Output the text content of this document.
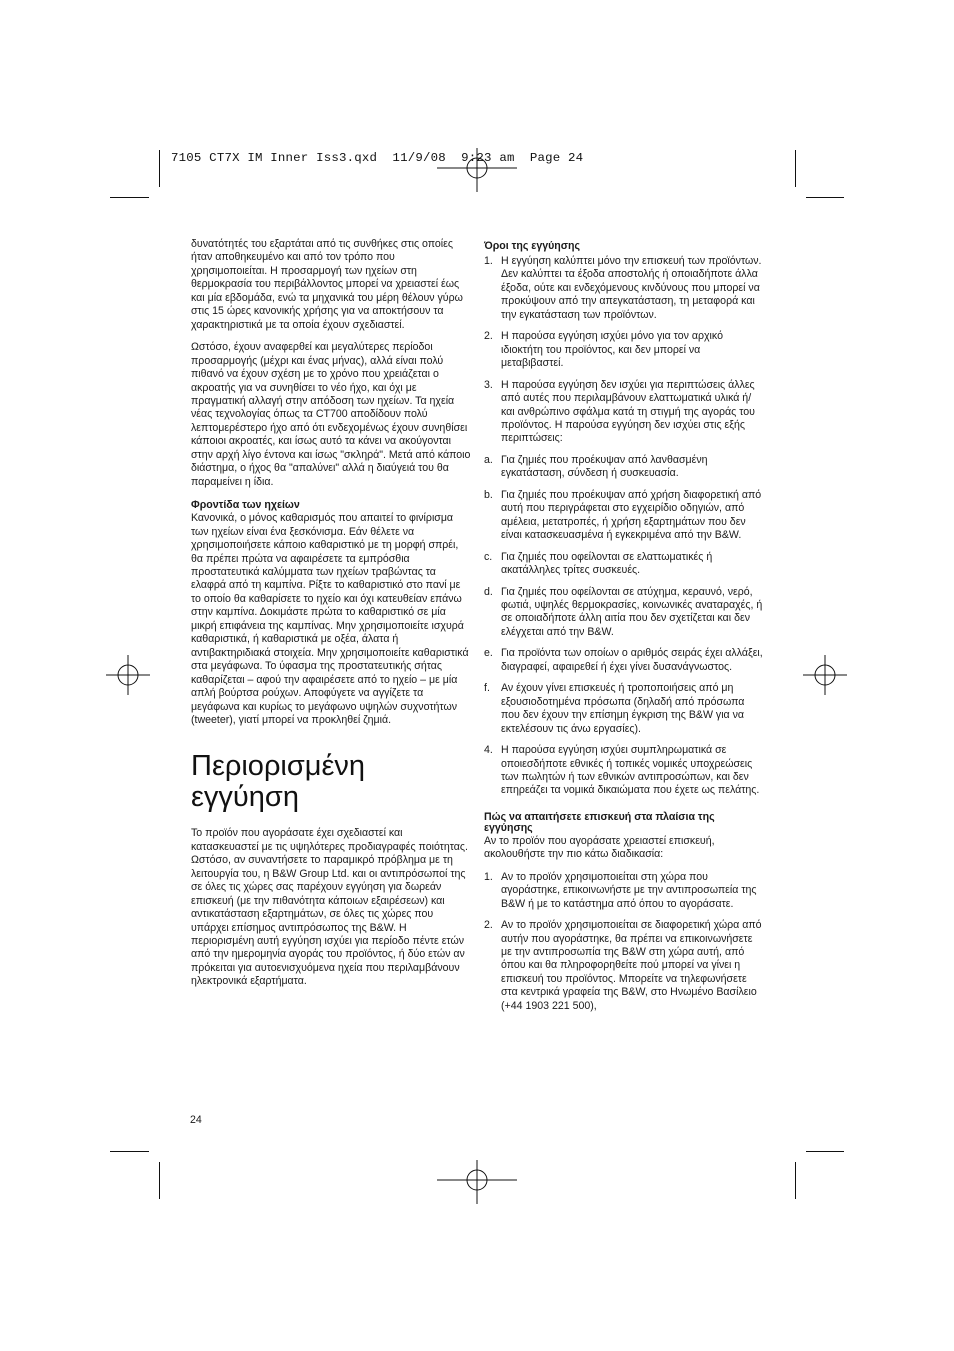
7105 CT7X IM Inner Iss3.qxd  11/9/08  9:23 am  Page 24

δυνατότητές του εξαρτάται από τις συνθήκες στις οποίες ήταν αποθηκευμένο και από τον τρόπο που χρησιμοποιείται. Η προσαρμογή των ηχείων στη θερμοκρασία του περιβάλλοντος μπορεί να χρειαστεί έως και μία εβδομάδα, ενώ τα μηχανικά του μέρη θέλουν γύρω στις 15 ώρες κανονικής χρήσης για να αποκτήσουν τα χαρακτηριστικά με τα οποία έχουν σχεδιαστεί.

Ωστόσο, έχουν αναφερθεί και μεγαλύτερες περίοδοι προσαρμογής (μέχρι και ένας μήνας), αλλά είναι πολύ πιθανό να έχουν σχέση με το χρόνο που χρειάζεται ο ακροατής για να συνηθίσει το νέο ήχο, και όχι με πραγματική αλλαγή στην απόδοση των ηχείων. Τα ηχεία νέας τεχνολογίας όπως τα CT700 αποδίδουν πολύ λεπτομερέστερο ήχο από ότι ενδεχομένως έχουν συνηθίσει κάποιοι ακροατές, και ίσως αυτό τα κάνει να ακούγονται στην αρχή λίγο έντονα και ίσως "σκληρά". Μετά από κάποιο διάστημα, ο ήχος θα "απαλύνει" αλλά η διαύγειά του θα παραμείνει η ίδια.

Φροντίδα των ηχείων

Κανονικά, ο μόνος καθαρισμός που απαιτεί το φινίρισμα των ηχείων είναι ένα ξεσκόνισμα. Εάν θέλετε να χρησιμοποιήσετε κάποιο καθαριστικό με τη μορφή σπρέι, θα πρέπει πρώτα να αφαιρέσετε τα εμπρόσθια προστατευτικά καλύμματα των ηχείων τραβώντας τα ελαφρά από τη καμπίνα. Ρίξτε το καθαριστικό στο πανί με το οποίο θα καθαρίσετε το ηχείο και όχι κατευθείαν επάνω στην καμπίνα. Δοκιμάστε πρώτα το καθαριστικό σε μία μικρή επιφάνεια της καμπίνας. Μην χρησιμοποιείτε ισχυρά καθαριστικά, ή καθαριστικά με οξέα, άλατα ή αντιβακτηριδιακά στοιχεία. Μην χρησιμοποιείτε καθαριστικά στα μεγάφωνα. Το ύφασμα της προστατευτικής σήτας καθαρίζεται – αφού την αφαιρέσετε από το ηχείο – με μία απλή βούρτσα ρούχων. Αποφύγετε να αγγίζετε τα μεγάφωνα και κυρίως το μεγάφωνο υψηλών συχνοτήτων (tweeter), γιατί μπορεί να προκληθεί ζημιά.

Περιορισμένη
εγγύηση

Το προϊόν που αγοράσατε έχει σχεδιαστεί και κατασκευαστεί με τις υψηλότερες προδιαγραφές ποιότητας. Ωστόσο, αν συναντήσετε το παραμικρό πρόβλημα με τη λειτουργία του, η B&W Group Ltd. και οι αντιπρόσωποί της σε όλες τις χώρες σας παρέχουν εγγύηση για δωρεάν επισκευή (με την πιθανότητα κάποιων εξαιρέσεων) και αντικατάσταση εξαρτημάτων, σε όλες τις χώρες που υπάρχει επίσημος αντιπρόσωπος της B&W. Η περιορισμένη αυτή εγγύηση ισχύει για περίοδο πέντε ετών από την ημερομηνία αγοράς του προϊόντος, ή δύο ετών αν πρόκειται για αυτοενισχυόμενα ηχεία που περιλαμβάνουν ηλεκτρονικά εξαρτήματα.

Όροι της εγγύησης
1. Η εγγύηση καλύπτει μόνο την επισκευή των προϊόντων. Δεν καλύπτει τα έξοδα αποστολής ή οποιαδήποτε άλλα έξοδα, ούτε και ενδεχόμενους κινδύνους που μπορεί να προκύψουν από την απεγκατάσταση, τη μεταφορά και την εγκατάσταση των προϊόντων.
2. Η παρούσα εγγύηση ισχύει μόνο για τον αρχικό ιδιοκτήτη του προϊόντος, και δεν μπορεί να μεταβιβαστεί.
3. Η παρούσα εγγύηση δεν ισχύει για περιπτώσεις άλλες από αυτές που περιλαμβάνουν ελαττωματικά υλικά ή/και ανθρώπινο σφάλμα κατά τη στιγμή της αγοράς του προϊόντος. Η παρούσα εγγύηση δεν ισχύει στις εξής περιπτώσεις:
a. Για ζημιές που προέκυψαν από λανθασμένη εγκατάσταση, σύνδεση ή συσκευασία.
b. Για ζημιές που προέκυψαν από χρήση διαφορετική από αυτή που περιγράφεται στο εγχειρίδιο οδηγιών, από αμέλεια, μετατροπές, ή χρήση εξαρτημάτων που δεν είναι κατασκευασμένα ή εγκεκριμένα από την B&W.
c. Για ζημιές που οφείλονται σε ελαττωματικές ή ακατάλληλες τρίτες συσκευές.
d. Για ζημιές που οφείλονται σε ατύχημα, κεραυνό, νερό, φωτιά, υψηλές θερμοκρασίες, κοινωνικές αναταραχές, ή σε οποιαδήποτε άλλη αιτία που δεν σχετίζεται και δεν ελέγχεται από την B&W.
e. Για προϊόντα των οποίων ο αριθμός σειράς έχει αλλάξει, διαγραφεί, αφαιρεθεί ή έχει γίνει δυσανάγνωστος.
f. Αν έχουν γίνει επισκευές ή τροποποιήσεις από μη εξουσιοδοτημένα πρόσωπα (δηλαδή από πρόσωπα που δεν έχουν την επίσημη έγκριση της B&W για να εκτελέσουν τις άνω εργασίες).
4. Η παρούσα εγγύηση ισχύει συμπληρωματικά σε οποιεσδήποτε εθνικές ή τοπικές νομικές υποχρεώσεις των πωλητών ή των εθνικών αντιπροσώπων, και δεν επηρεάζει τα νομικά δικαιώματα που έχετε ως πελάτης.
Πώς να απαιτήσετε επισκευή στα πλαίσια της εγγύησης

Αν το προϊόν που αγοράσατε χρειαστεί επισκευή, ακολουθήστε την πιο κάτω διαδικασία:

1. Αν το προϊόν χρησιμοποιείται στη χώρα που αγοράστηκε, επικοινωνήστε με την αντιπροσωπεία της B&W ή με το κατάστημα από όπου το αγοράσατε.
2. Αν το προϊόν χρησιμοποιείται σε διαφορετική χώρα από αυτήν που αγοράστηκε, θα πρέπει να επικοινωνήσετε με την αντιπροσωπία της B&W στη χώρα αυτή, από όπου και θα πληροφορηθείτε πού μπορεί να γίνει η επισκευή του προϊόντος. Μπορείτε να τηλεφωνήσετε στα κεντρικά γραφεία της B&W, στο Ηνωμένο Βασίλειο (+44 1903 221 500),
24
